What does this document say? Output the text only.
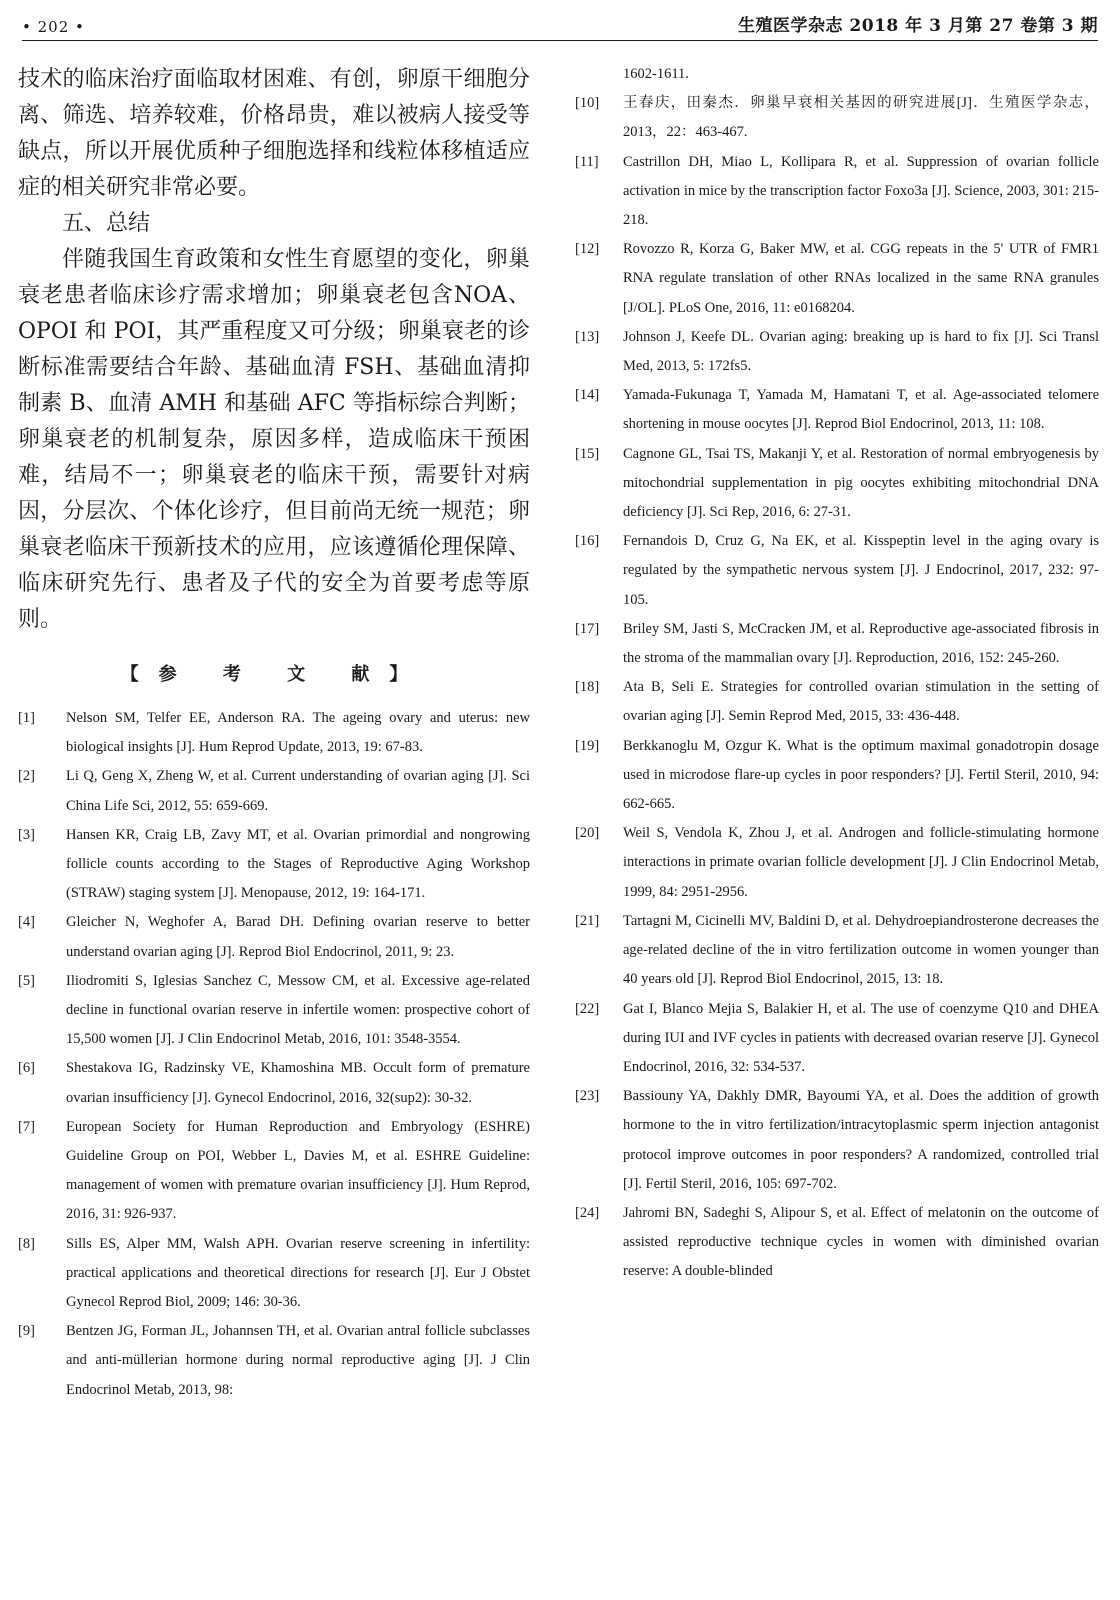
• 202 •	生殖医学杂志 2018 年 3 月第 27 卷第 3 期

技术的临床治疗面临取材困难、有创，卵原干细胞分离、筛选、培养较难，价格昂贵，难以被病人接受等缺点，所以开展优质种子细胞选择和线粒体移植适应症的相关研究非常必要。

五、总结

伴随我国生育政策和女性生育愿望的变化，卵巢衰老患者临床诊疗需求增加；卵巢衰老包含NOA、OPOI 和 POI，其严重程度又可分级；卵巢衰老的诊断标准需要结合年龄、基础血清 FSH、基础血清抑制素 B、血清 AMH 和基础 AFC 等指标综合判断；卵巢衰老的机制复杂，原因多样，造成临床干预困难，结局不一；卵巢衰老的临床干预，需要针对病因，分层次、个体化诊疗，但目前尚无统一规范；卵巢衰老临床干预新技术的应用，应该遵循伦理保障、临床研究先行、患者及子代的安全为首要考虑等原则。

【参 考 文 献】
[1]	Nelson SM, Telfer EE, Anderson RA. The ageing ovary and uterus: new biological insights [J]. Hum Reprod Update, 2013, 19: 67-83.
[2]	Li Q, Geng X, Zheng W, et al. Current understanding of ovarian aging [J]. Sci China Life Sci, 2012, 55: 659-669.
[3]	Hansen KR, Craig LB, Zavy MT, et al. Ovarian primordial and nongrowing follicle counts according to the Stages of Reproductive Aging Workshop (STRAW) staging system [J]. Menopause, 2012, 19: 164-171.
[4]	Gleicher N, Weghofer A, Barad DH. Defining ovarian reserve to better understand ovarian aging [J]. Reprod Biol Endocrinol, 2011, 9: 23.
[5]	Iliodromiti S, Iglesias Sanchez C, Messow CM, et al. Excessive age-related decline in functional ovarian reserve in infertile women: prospective cohort of 15,500 women [J]. J Clin Endocrinol Metab, 2016, 101: 3548-3554.
[6]	Shestakova IG, Radzinsky VE, Khamoshina MB. Occult form of premature ovarian insufficiency [J]. Gynecol Endocrinol, 2016, 32(sup2): 30-32.
[7]	European Society for Human Reproduction and Embryology (ESHRE) Guideline Group on POI, Webber L, Davies M, et al. ESHRE Guideline: management of women with premature ovarian insufficiency [J]. Hum Reprod, 2016, 31: 926-937.
[8]	Sills ES, Alper MM, Walsh APH. Ovarian reserve screening in infertility: practical applications and theoretical directions for research [J]. Eur J Obstet Gynecol Reprod Biol, 2009; 146: 30-36.
[9]	Bentzen JG, Forman JL, Johannsen TH, et al. Ovarian antral follicle subclasses and anti-müllerian hormone during normal reproductive aging [J]. J Clin Endocrinol Metab, 2013, 98:
1602-1611.
[10]	王春庆，田秦杰．卵巢早衰相关基因的研究进展[J]．生殖医学杂志，2013，22：463-467.
[11]	Castrillon DH, Miao L, Kollipara R, et al. Suppression of ovarian follicle activation in mice by the transcription factor Foxo3a [J]. Science, 2003, 301: 215-218.
[12]	Rovozzo R, Korza G, Baker MW, et al. CGG repeats in the 5' UTR of FMR1 RNA regulate translation of other RNAs localized in the same RNA granules [J/OL]. PLoS One, 2016, 11: e0168204.
[13]	Johnson J, Keefe DL. Ovarian aging: breaking up is hard to fix [J]. Sci Transl Med, 2013, 5: 172fs5.
[14]	Yamada-Fukunaga T, Yamada M, Hamatani T, et al. Age-associated telomere shortening in mouse oocytes [J]. Reprod Biol Endocrinol, 2013, 11: 108.
[15]	Cagnone GL, Tsai TS, Makanji Y, et al. Restoration of normal embryogenesis by mitochondrial supplementation in pig oocytes exhibiting mitochondrial DNA deficiency [J]. Sci Rep, 2016, 6: 27-31.
[16]	Fernandois D, Cruz G, Na EK, et al. Kisspeptin level in the aging ovary is regulated by the sympathetic nervous system [J]. J Endocrinol, 2017, 232: 97-105.
[17]	Briley SM, Jasti S, McCracken JM, et al. Reproductive age-associated fibrosis in the stroma of the mammalian ovary [J]. Reproduction, 2016, 152: 245-260.
[18]	Ata B, Seli E. Strategies for controlled ovarian stimulation in the setting of ovarian aging [J]. Semin Reprod Med, 2015, 33: 436-448.
[19]	Berkkanoglu M, Ozgur K. What is the optimum maximal gonadotropin dosage used in microdose flare-up cycles in poor responders? [J]. Fertil Steril, 2010, 94: 662-665.
[20]	Weil S, Vendola K, Zhou J, et al. Androgen and follicle-stimulating hormone interactions in primate ovarian follicle development [J]. J Clin Endocrinol Metab, 1999, 84: 2951-2956.
[21]	Tartagni M, Cicinelli MV, Baldini D, et al. Dehydroepiandrosterone decreases the age-related decline of the in vitro fertilization outcome in women younger than 40 years old [J]. Reprod Biol Endocrinol, 2015, 13: 18.
[22]	Gat I, Blanco Mejia S, Balakier H, et al. The use of coenzyme Q10 and DHEA during IUI and IVF cycles in patients with decreased ovarian reserve [J]. Gynecol Endocrinol, 2016, 32: 534-537.
[23]	Bassiouny YA, Dakhly DMR, Bayoumi YA, et al. Does the addition of growth hormone to the in vitro fertilization/intracytoplasmic sperm injection antagonist protocol improve outcomes in poor responders? A randomized, controlled trial [J]. Fertil Steril, 2016, 105: 697-702.
[24]	Jahromi BN, Sadeghi S, Alipour S, et al. Effect of melatonin on the outcome of assisted reproductive technique cycles in women with diminished ovarian reserve: A double-blinded
